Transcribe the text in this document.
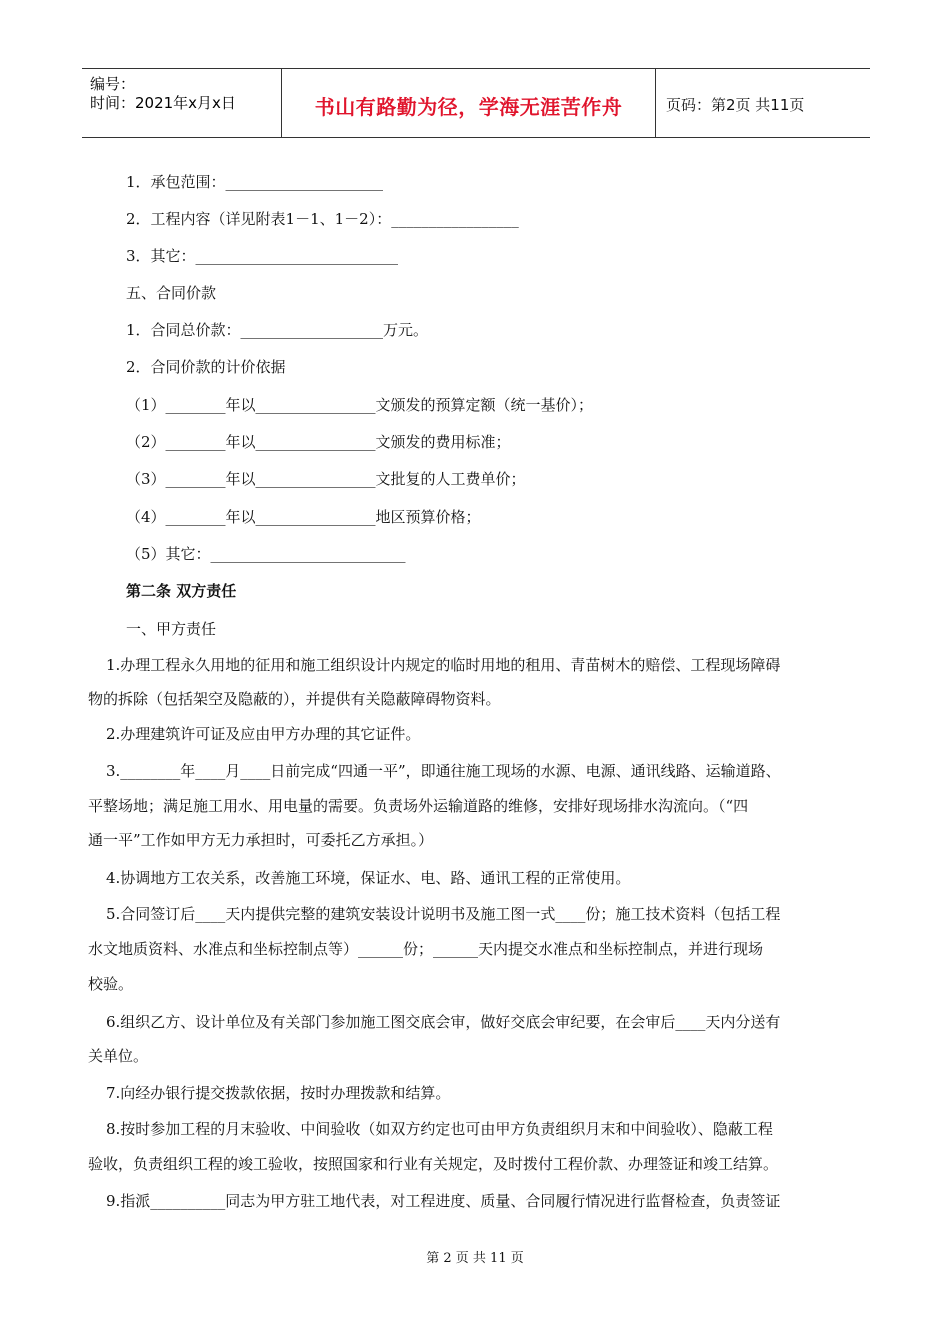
编号：
时间：2021年x月x日	书山有路勤为径，学海无涯苦作舟	页码：第2页 共11页
1．承包范围：_____________________
2．工程内容（详见附表1－1、1－2）：_________________
3．其它：___________________________
五、合同价款
1．合同总价款：___________________万元。
2．合同价款的计价依据
（1）________年以________________文颁发的预算定额（统一基价）；
（2）________年以________________文颁发的费用标准；
（3）________年以________________文批复的人工费单价；
（4）________年以________________地区预算价格；
（5）其它：__________________________
第二条 双方责任
一、甲方责任
1.办理工程永久用地的征用和施工组织设计内规定的临时用地的租用、青苗树木的赔偿、工程现场障碍
物的拆除（包括架空及隐蔽的），并提供有关隐蔽障碍物资料。
2.办理建筑许可证及应由甲方办理的其它证件。
3.________年____月____日前完成“四通一平”，即通往施工现场的水源、电源、通讯线路、运输道路、
平整场地；满足施工用水、用电量的需要。负责场外运输道路的维修，安排好现场排水沟流向。（“四
通一平”工作如甲方无力承担时，可委托乙方承担。）
4.协调地方工农关系，改善施工环境，保证水、电、路、通讯工程的正常使用。
5.合同签订后____天内提供完整的建筑安装设计说明书及施工图一式____份；施工技术资料（包括工程
水文地质资料、水准点和坐标控制点等）______份；______天内提交水准点和坐标控制点，并进行现场
校验。
6.组织乙方、设计单位及有关部门参加施工图交底会审，做好交底会审纪要，在会审后____天内分送有
关单位。
7.向经办银行提交拨款依据，按时办理拨款和结算。
8.按时参加工程的月末验收、中间验收（如双方约定也可由甲方负责组织月末和中间验收）、隐蔽工程
验收，负责组织工程的竣工验收，按照国家和行业有关规定，及时拨付工程价款、办理签证和竣工结算。
9.指派__________同志为甲方驻工地代表，对工程进度、质量、合同履行情况进行监督检查，负责签证
第 2 页 共 11 页
